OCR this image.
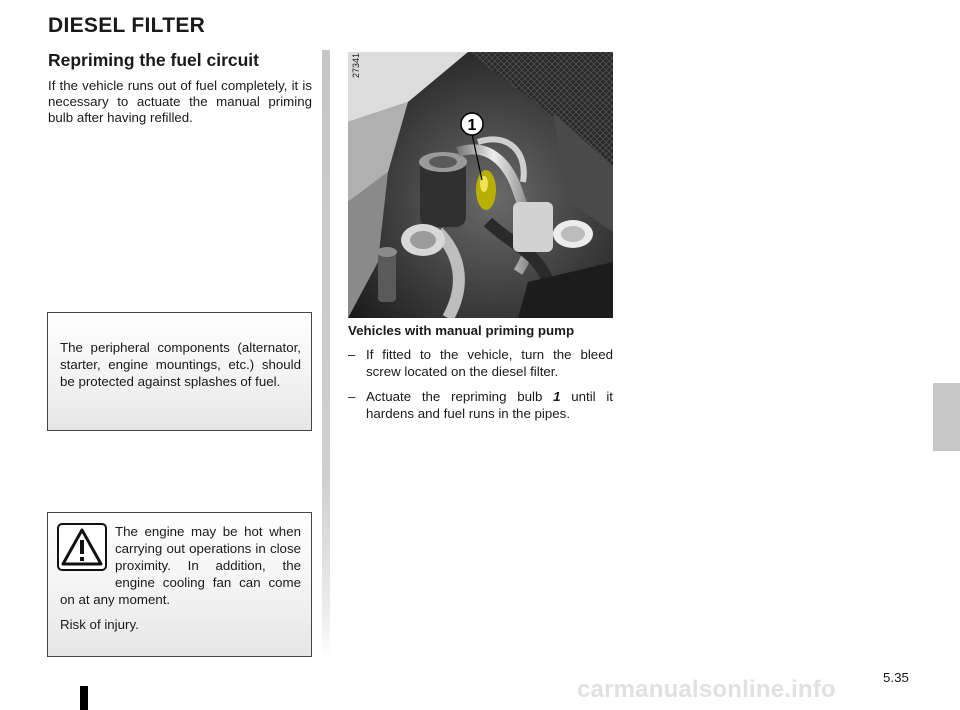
DIESEL FILTER
Repriming the fuel circuit
If the vehicle runs out of fuel completely, it is necessary to actuate the manual priming bulb after having refilled.
The peripheral components (alternator, starter, engine mountings, etc.) should be protected against splashes of fuel.

The engine may be hot when carrying out operations in close proximity. In addition, the engine cooling fan can come on at any moment.

Risk of injury.

1
27341
Vehicles with manual priming pump
– If fitted to the vehicle, turn the bleed screw located on the diesel filter.
– Actuate the repriming bulb 1 until it hardens and fuel runs in the pipes.
5.35
carmanualsonline.info
